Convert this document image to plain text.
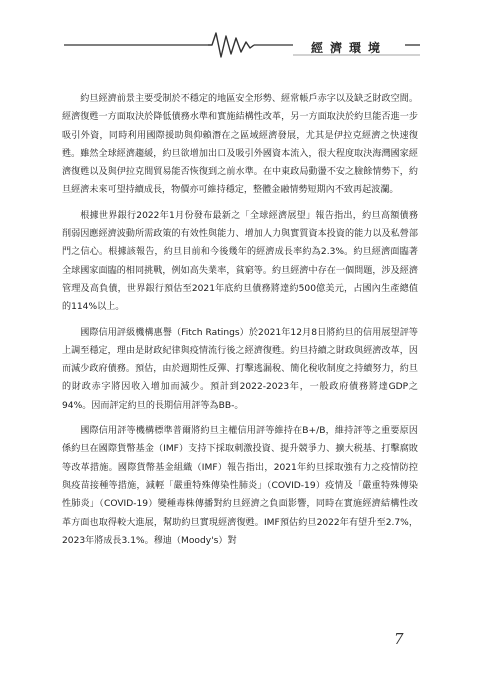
經濟環境

約旦經濟前景主要受制於不穩定的地區安全形勢、經常帳戶赤字以及缺乏財政空間。經濟復甦一方面取決於降低債務水準和實施結構性改革，另一方面取決於約旦能否進一步吸引外資，同時利用國際援助與仰賴潛在之區域經濟發展，尤其是伊拉克經濟之快速復甦。雖然全球經濟趨緩，約旦欲增加出口及吸引外國資本流入，很大程度取決海灣國家經濟復甦以及與伊拉克間貿易能否恢復到之前水準。在中東政局動盪不安之臉餘情勢下，約旦經濟未來可望持續成長，物價亦可維持穩定，整體金融情勢短期內不致再起波瀾。

根據世界銀行2022年1月份發布最新之「全球經濟展望」報告指出，約旦高額債務削弱因應經濟波動所需政策的有效性與能力、增加人力與實質資本投資的能力以及私營部門之信心。根據該報告，約旦目前和今後幾年的經濟成長率約為2.3%。約旦經濟面臨著全球國家面臨的相同挑戰，例如高失業率，貧窮等。約旦經濟中存在一個問題，涉及經濟管理及高負債，世界銀行預估至2021年底約旦債務將達約500億美元，占國內生產總值的114%以上。

國際信用評級機構惠譽（Fitch Ratings）於2021年12月8日將約旦的信用展望評等上調至穩定，理由是財政紀律與疫情流行後之經濟復甦。約旦持續之財政與經濟改革，因而減少政府債務。預估，由於週期性反彈、打擊逃漏稅、簡化稅收制度之持續努力，約旦的財政赤字將因收入增加而減少。預計到2022-2023年，一般政府債務將達GDP之94%。因而評定約旦的長期信用評等為BB-。

國際信用評等機構標準普爾將約旦主權信用評等維持在B+/B，維持評等之重要原因係約旦在國際貨幣基金（IMF）支持下採取刺激投資、提升競爭力、擴大税基、打擊腐敗等改革措施。國際貨幣基金組織（IMF）報告指出，2021年約旦採取強有力之疫情防控與疫苗接種等措施，減輕「嚴重特殊傳染性肺炎」（COVID-19）疫情及「嚴重特殊傳染性肺炎」（COVID-19）變種毒株傳播對約旦經濟之負面影響，同時在實施經濟結構性改革方面也取得較大進展，幫助約旦實現經濟復甦。IMF預估約旦2022年有望升至2.7%，2023年將成長3.1%。穆迪（Moody's）對

7
